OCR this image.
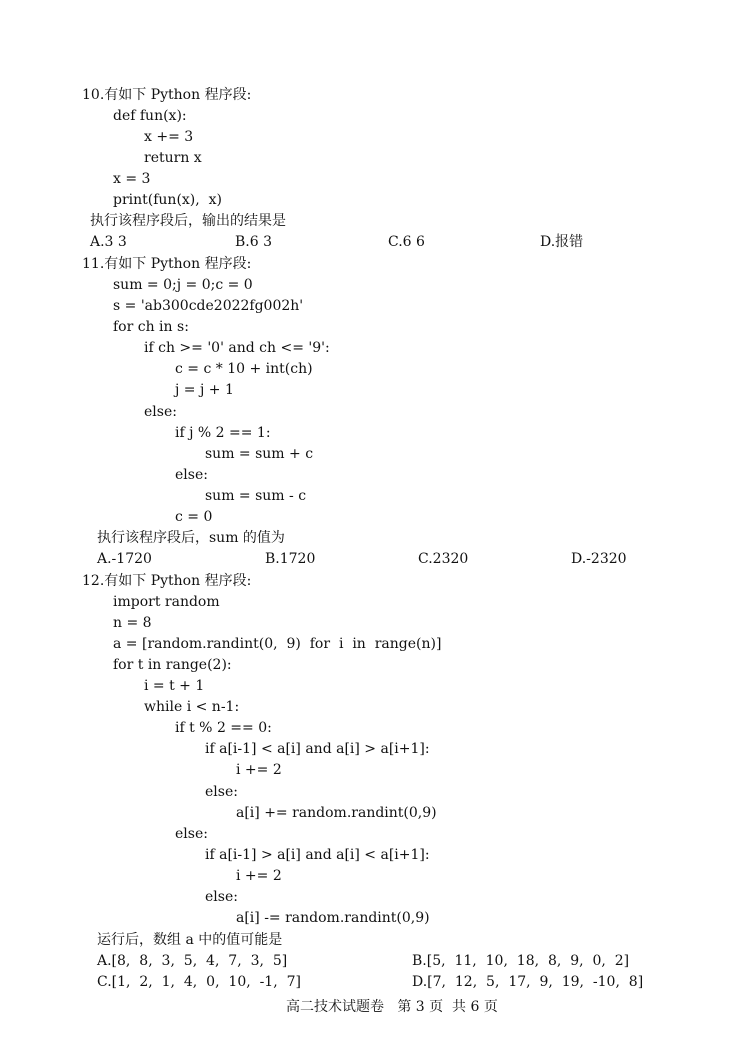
10.有如下 Python 程序段:
def fun(x):
x += 3
return x
x = 3
print(fun(x),  x)
执行该程序段后，输出的结果是
A.3 3	B.6 3	C.6 6	D.报错
11.有如下 Python 程序段:
sum = 0;j = 0;c = 0
s = 'ab300cde2022fg002h'
for ch in s:
if ch >= '0' and ch <= '9':
c = c * 10 + int(ch)
j = j + 1
else:
if j % 2 == 1:
sum = sum + c
else:
sum = sum - c
c = 0
执行该程序段后，sum 的值为
A.-1720	B.1720	C.2320	D.-2320
12.有如下 Python 程序段:
import random
n = 8
a = [random.randint(0,  9)  for  i  in  range(n)]
for t in range(2):
i = t + 1
while i < n-1:
if t % 2 == 0:
if a[i-1] < a[i] and a[i] > a[i+1]:
i += 2
else:
a[i] += random.randint(0,9)
else:
if a[i-1] > a[i] and a[i] < a[i+1]:
i += 2
else:
a[i] -= random.randint(0,9)
运行后，数组 a 中的值可能是
A.[8,  8,  3,  5,  4,  7,  3,  5]	B.[5,  11,  10,  18,  8,  9,  0,  2]
C.[1,  2,  1,  4,  0,  10,  -1,  7]	D.[7,  12,  5,  17,  9,  19,  -10,  8]
高二技术试题卷   第 3 页  共 6 页
